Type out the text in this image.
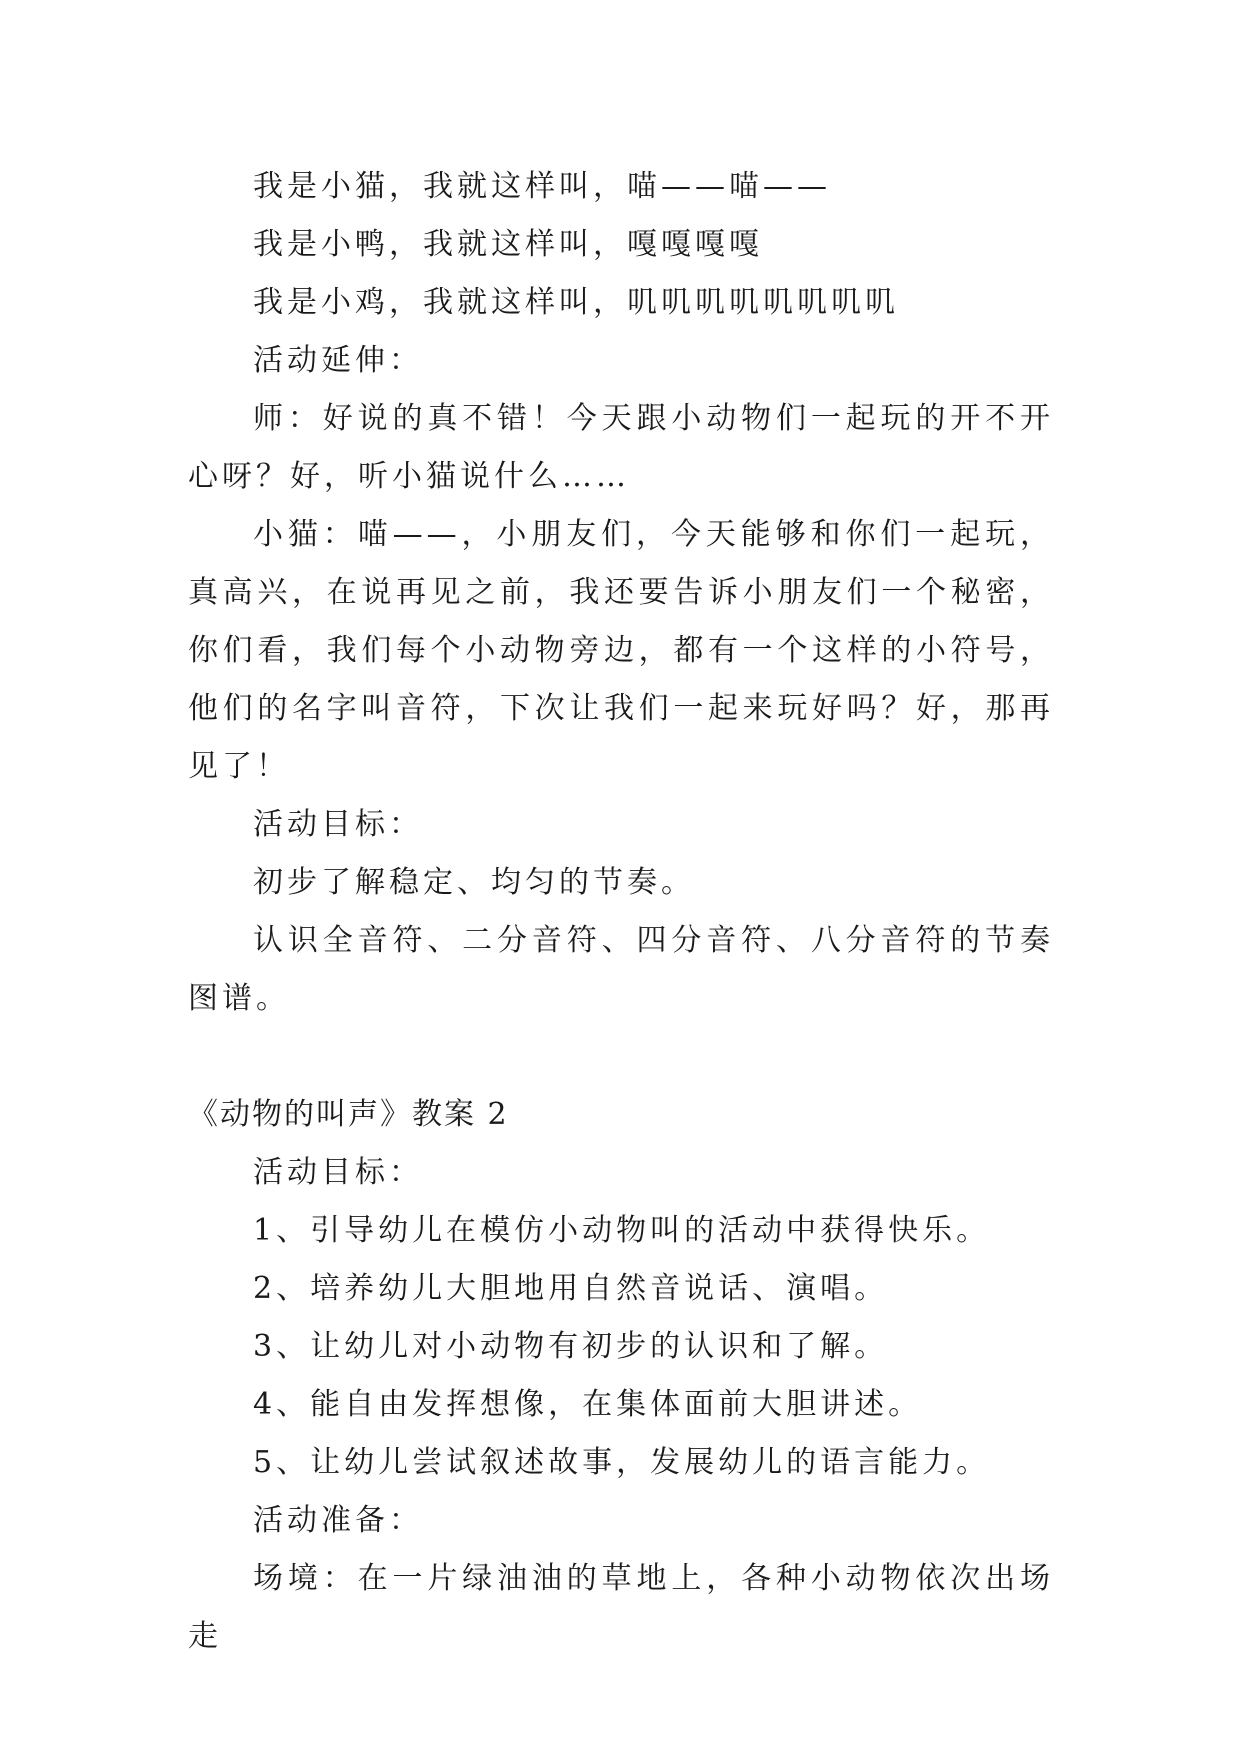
我是小猫，我就这样叫，喵——喵——

我是小鸭，我就这样叫，嘎嘎嘎嘎

我是小鸡，我就这样叫，叽叽叽叽叽叽叽叽

活动延伸：

师：好说的真不错！今天跟小动物们一起玩的开不开心呀？好，听小猫说什么……

小猫：喵——，小朋友们，今天能够和你们一起玩，真高兴，在说再见之前，我还要告诉小朋友们一个秘密，你们看，我们每个小动物旁边，都有一个这样的小符号，他们的名字叫音符，下次让我们一起来玩好吗？好，那再见了！

活动目标：

初步了解稳定、均匀的节奏。

认识全音符、二分音符、四分音符、八分音符的节奏图谱。

《动物的叫声》教案 2

活动目标：

1、引导幼儿在模仿小动物叫的活动中获得快乐。

2、培养幼儿大胆地用自然音说话、演唱。

3、让幼儿对小动物有初步的认识和了解。

4、能自由发挥想像，在集体面前大胆讲述。

5、让幼儿尝试叙述故事，发展幼儿的语言能力。

活动准备：

场境：在一片绿油油的草地上，各种小动物依次出场走
